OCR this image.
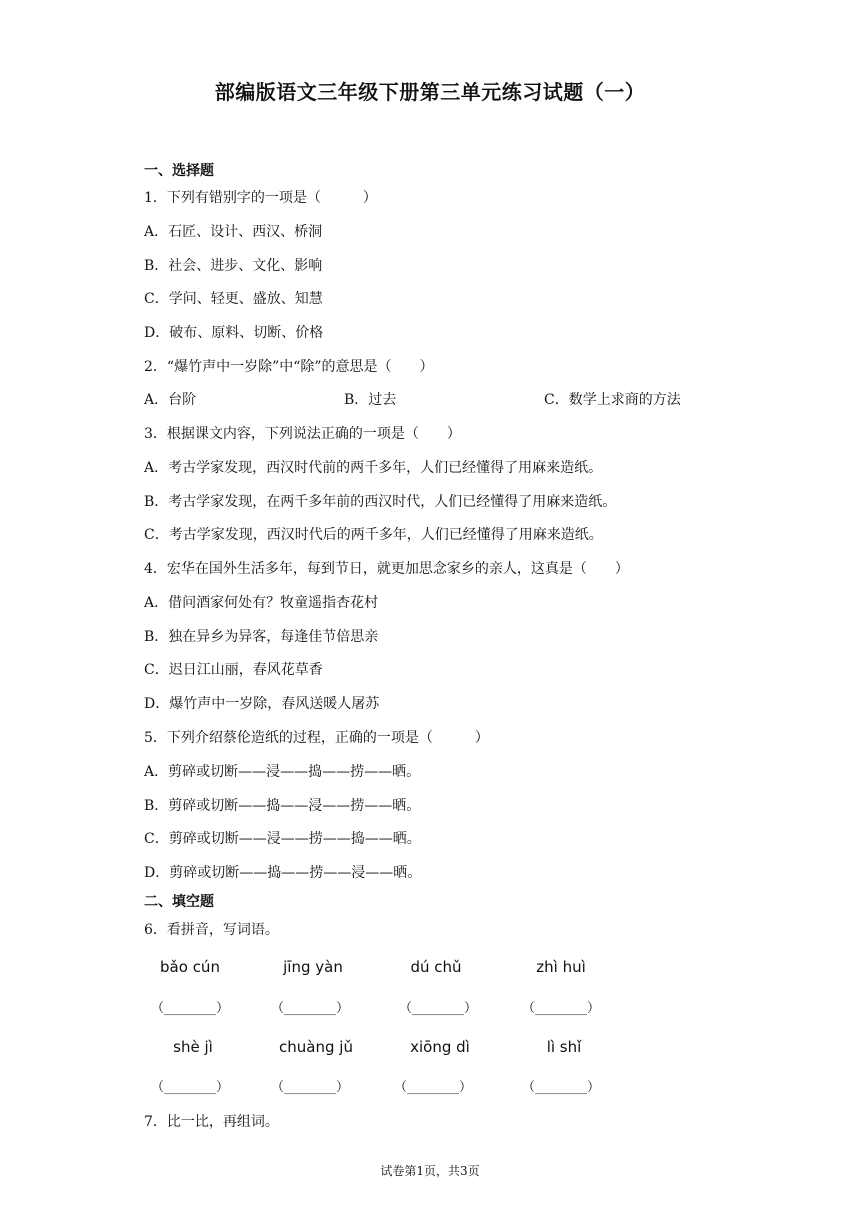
部编版语文三年级下册第三单元练习试题（一）
一、选择题
1．下列有错别字的一项是（　　　）
A．石匠、设计、西汉、桥洞
B．社会、进步、文化、影响
C．学问、轻更、盛放、知慧
D．破布、原料、切断、价格
2．“爆竹声中一岁除”中“除”的意思是（　　）
A．台阶	B．过去	C．数学上求商的方法
3．根据课文内容，下列说法正确的一项是（　　）
A．考古学家发现，西汉时代前的两千多年，人们已经懂得了用麻来造纸。
B．考古学家发现，在两千多年前的西汉时代，人们已经懂得了用麻来造纸。
C．考古学家发现，西汉时代后的两千多年，人们已经懂得了用麻来造纸。
4．宏华在国外生活多年，每到节日，就更加思念家乡的亲人，这真是（　　）
A．借问酒家何处有？牧童遥指杏花村
B．独在异乡为异客，每逢佳节倍思亲
C．迟日江山丽，春风花草香
D．爆竹声中一岁除，春风送暖人屠苏
5．下列介绍蔡伦造纸的过程，正确的一项是（　　　）
A．剪碎或切断——浸——捣——捞——晒。
B．剪碎或切断——捣——浸——捞——晒。
C．剪碎或切断——浸——捞——捣——晒。
D．剪碎或切断——捣——捞——浸——晒。
二、填空题
6．看拼音，写词语。
bǎo cún	jīng yàn	dú chǔ	zhì huì
（________）	（________）	（________）	（________）
shè jì	chuàng jǔ	xiōng dì	lì shǐ
（________）	（________）	（________）	（________）
7．比一比，再组词。
试卷第1页，共3页
